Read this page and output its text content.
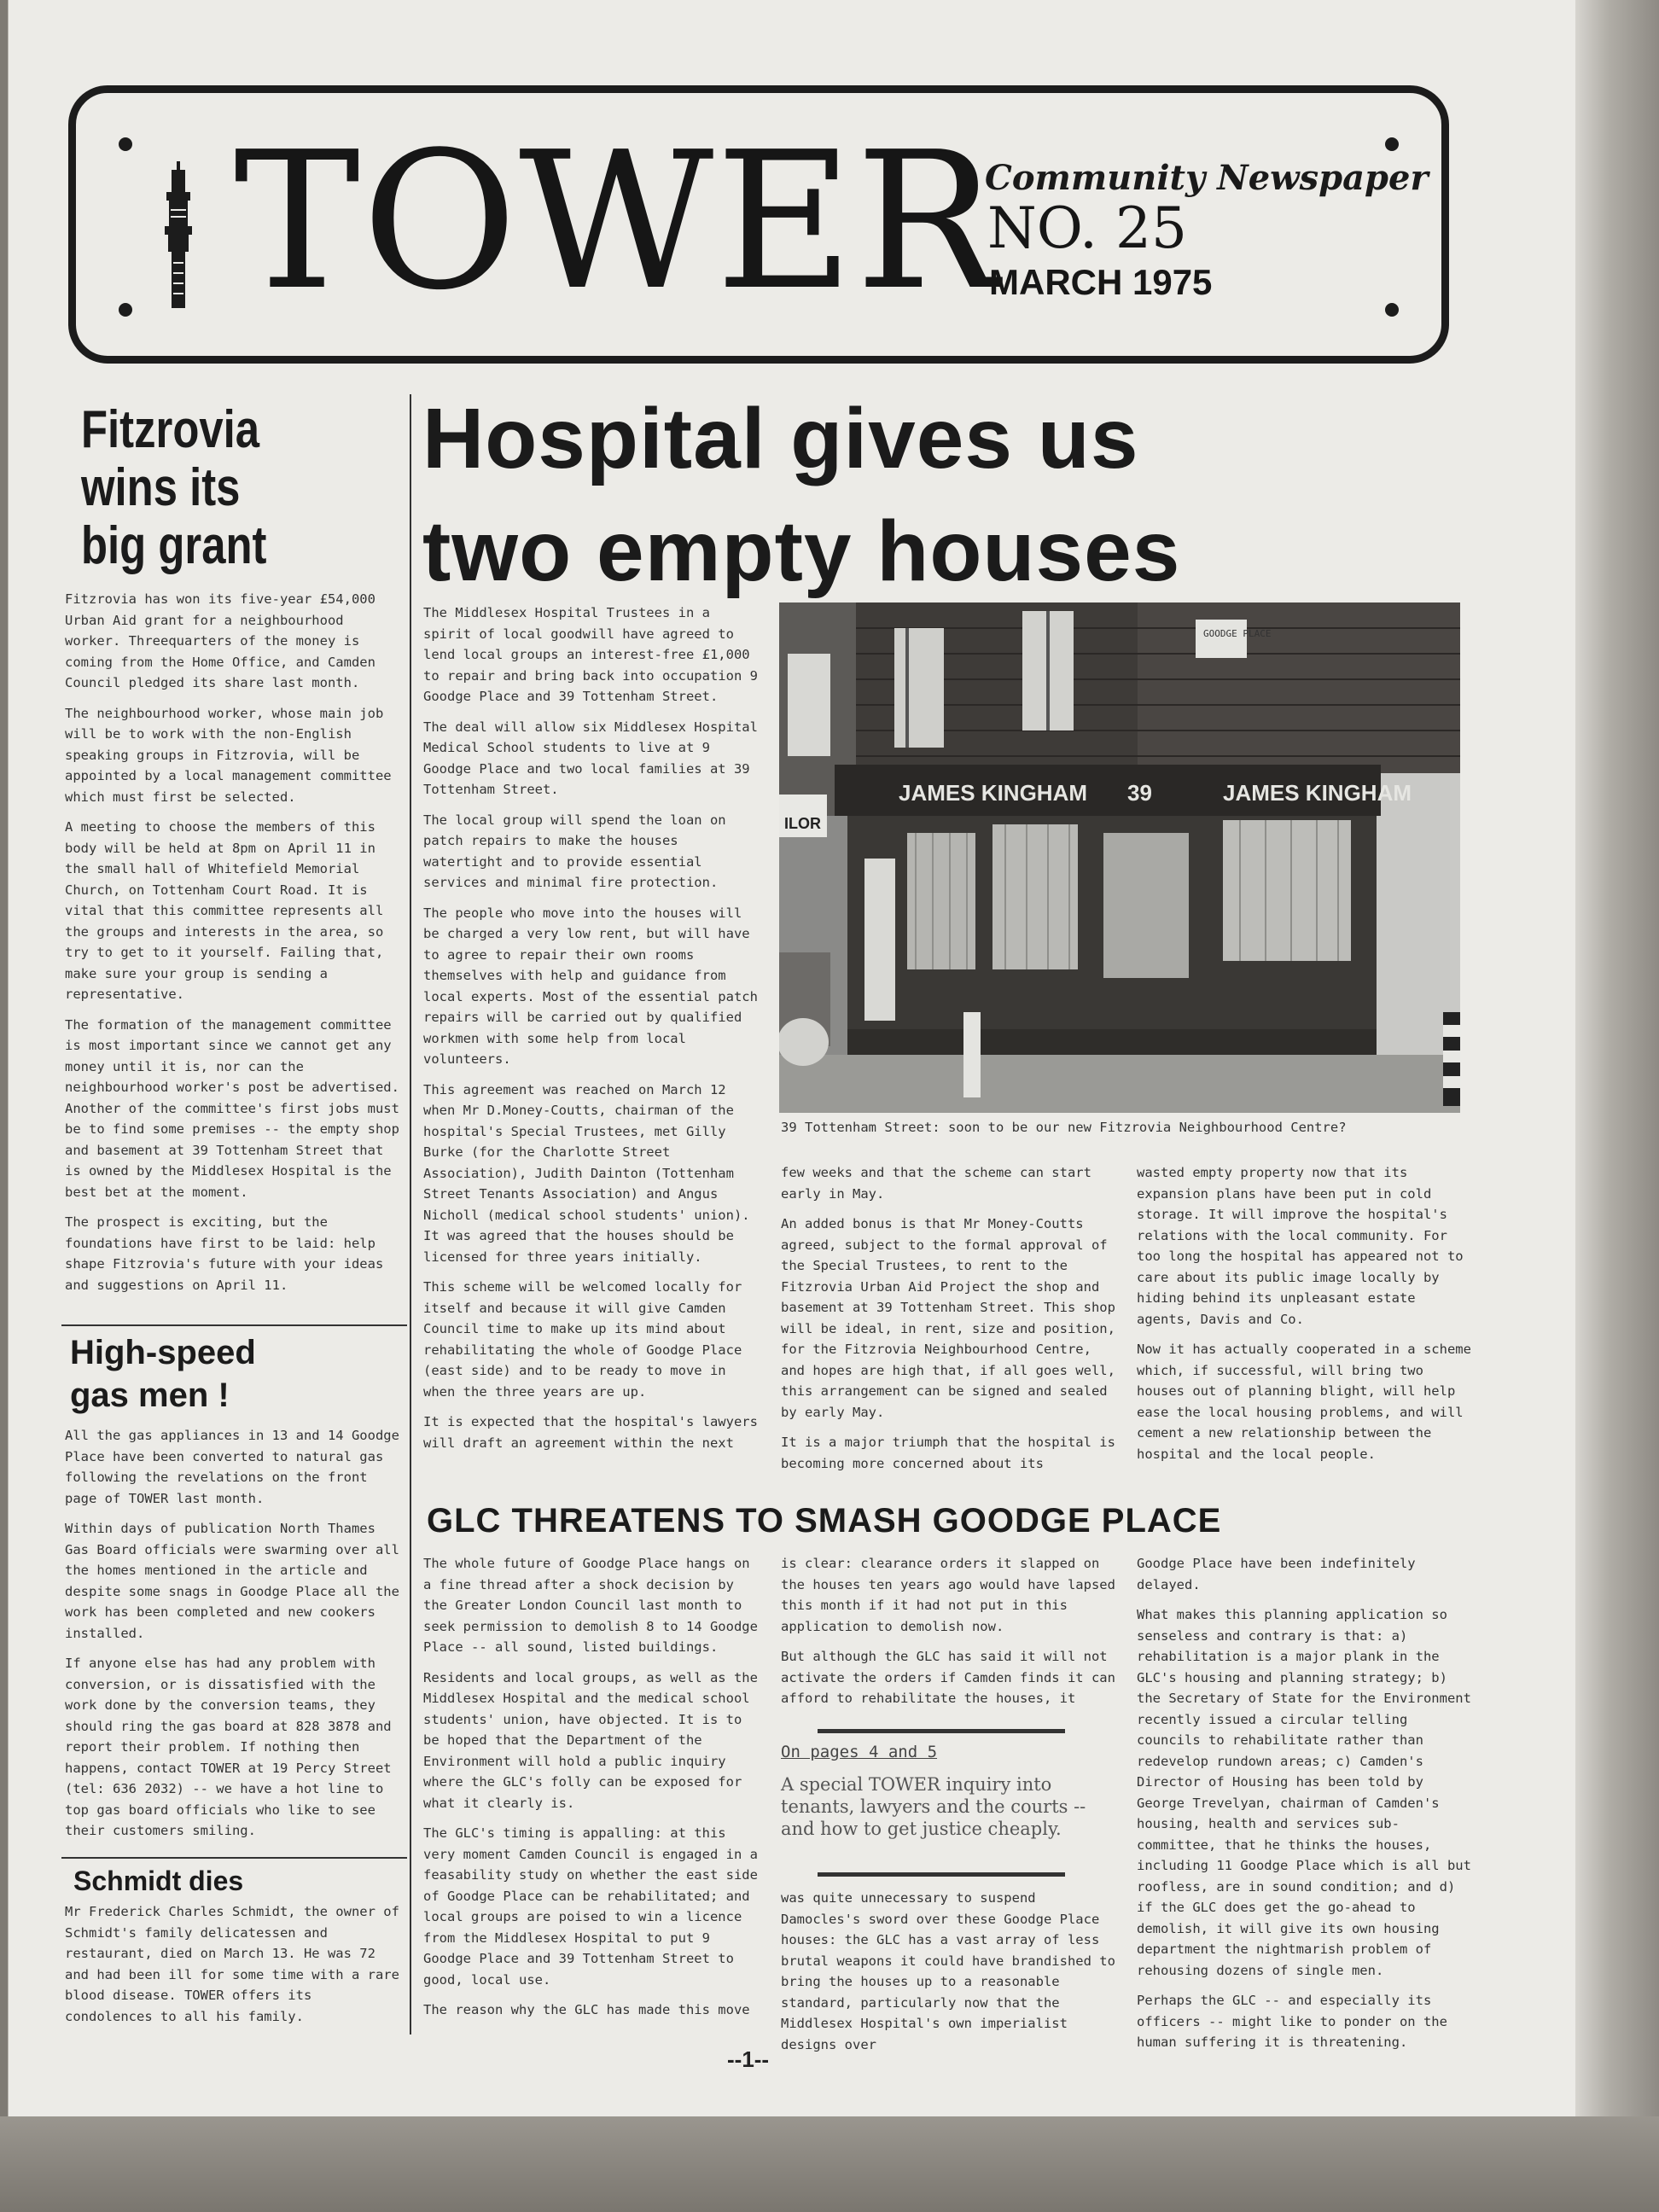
TOWER
Community Newspaper
NO. 25
MARCH 1975
Fitzrovia
wins its
big grant

Fitzrovia has won its five-year £54,000 Urban Aid grant for a neighbourhood worker. Threequarters of the money is coming from the Home Office, and Camden Council pledged its share last month.

The neighbourhood worker, whose main job will be to work with the non-English speaking groups in Fitzrovia, will be appointed by a local management committee which must first be selected.

A meeting to choose the members of this body will be held at 8pm on April 11 in the small hall of Whitefield Memorial Church, on Tottenham Court Road. It is vital that this committee represents all the groups and interests in the area, so try to get to it yourself. Failing that, make sure your group is sending a representative.

The formation of the management committee is most important since we cannot get any money until it is, nor can the neighbourhood worker's post be advertised. Another of the committee's first jobs must be to find some premises -- the empty shop and basement at 39 Tottenham Street that is owned by the Middlesex Hospital is the best bet at the moment.

The prospect is exciting, but the foundations have first to be laid: help shape Fitzrovia's future with your ideas and suggestions on April 11.

High-speed
gas men !

All the gas appliances in 13 and 14 Goodge Place have been converted to natural gas following the revelations on the front page of TOWER last month.

Within days of publication North Thames Gas Board officials were swarming over all the homes mentioned in the article and despite some snags in Goodge Place all the work has been completed and new cookers installed.

If anyone else has had any problem with conversion, or is dissatisfied with the work done by the conversion teams, they should ring the gas board at 828 3878 and report their problem. If nothing then happens, contact TOWER at 19 Percy Street (tel: 636 2032) -- we have a hot line to top gas board officials who like to see their customers smiling.

Schmidt dies

Mr Frederick Charles Schmidt, the owner of Schmidt's family delicatessen and restaurant, died on March 13. He was 72 and had been ill for some time with a rare blood disease. TOWER offers its condolences to all his family.

Hospital gives us
two empty houses

The Middlesex Hospital Trustees in a spirit of local goodwill have agreed to lend local groups an interest-free £1,000 to repair and bring back into occupation 9 Goodge Place and 39 Tottenham Street.

The deal will allow six Middlesex Hospital Medical School students to live at 9 Goodge Place and two local families at 39 Tottenham Street.

The local group will spend the loan on patch repairs to make the houses watertight and to provide essential services and minimal fire protection.

The people who move into the houses will be charged a very low rent, but will have to agree to repair their own rooms themselves with help and guidance from local experts. Most of the essential patch repairs will be carried out by qualified workmen with some help from local volunteers.

This agreement was reached on March 12 when Mr D.Money-Coutts, chairman of the hospital's Special Trustees, met Gilly Burke (for the Charlotte Street Association), Judith Dainton (Tottenham Street Tenants Association) and Angus Nicholl (medical school students' union). It was agreed that the houses should be licensed for three years initially.

This scheme will be welcomed locally for itself and because it will give Camden Council time to make up its mind about rehabilitating the whole of Goodge Place (east side) and to be ready to move in when the three years are up.

It is expected that the hospital's lawyers will draft an agreement within the next

GOODGE PLACE
JAMES KINGHAM 39	JAMES KINGHAM
ILOR
39 Tottenham Street: soon to be our new Fitzrovia Neighbourhood Centre?

few weeks and that the scheme can start early in May.

An added bonus is that Mr Money-Coutts agreed, subject to the formal approval of the Special Trustees, to rent to the Fitzrovia Urban Aid Project the shop and basement at 39 Tottenham Street. This shop will be ideal, in rent, size and position, for the Fitzrovia Neighbourhood Centre, and hopes are high that, if all goes well, this arrangement can be signed and sealed by early May.

It is a major triumph that the hospital is becoming more concerned about its

wasted empty property now that its expansion plans have been put in cold storage. It will improve the hospital's relations with the local community. For too long the hospital has appeared not to care about its public image locally by hiding behind its unpleasant estate agents, Davis and Co.

Now it has actually cooperated in a scheme which, if successful, will bring two houses out of planning blight, will help ease the local housing problems, and will cement a new relationship between the hospital and the local people.

GLC THREATENS TO SMASH GOODGE PLACE

The whole future of Goodge Place hangs on a fine thread after a shock decision by the Greater London Council last month to seek permission to demolish 8 to 14 Goodge Place -- all sound, listed buildings.

Residents and local groups, as well as the Middlesex Hospital and the medical school students' union, have objected. It is to be hoped that the Department of the Environment will hold a public inquiry where the GLC's folly can be exposed for what it clearly is.

The GLC's timing is appalling: at this very moment Camden Council is engaged in a feasability study on whether the east side of Goodge Place can be rehabilitated; and local groups are poised to win a licence from the Middlesex Hospital to put 9 Goodge Place and 39 Tottenham Street to good, local use.

The reason why the GLC has made this move

is clear: clearance orders it slapped on the houses ten years ago would have lapsed this month if it had not put in this application to demolish now.

But although the GLC has said it will not activate the orders if Camden finds it can afford to rehabilitate the houses, it

On pages 4 and 5
A special TOWER inquiry into tenants, lawyers and the courts -- and how to get justice cheaply.

was quite unnecessary to suspend Damocles's sword over these Goodge Place houses: the GLC has a vast array of less brutal weapons it could have brandished to bring the houses up to a reasonable standard, particularly now that the Middlesex Hospital's own imperialist designs over

Goodge Place have been indefinitely delayed.

What makes this planning application so senseless and contrary is that: a) rehabilitation is a major plank in the GLC's housing and planning strategy; b) the Secretary of State for the Environment recently issued a circular telling councils to rehabilitate rather than redevelop rundown areas; c) Camden's Director of Housing has been told by George Trevelyan, chairman of Camden's housing, health and services sub-committee, that he thinks the houses, including 11 Goodge Place which is all but roofless, are in sound condition; and d) if the GLC does get the go-ahead to demolish, it will give its own housing department the nightmarish problem of rehousing dozens of single men.

Perhaps the GLC -- and especially its officers -- might like to ponder on the human suffering it is threatening.

--1--
